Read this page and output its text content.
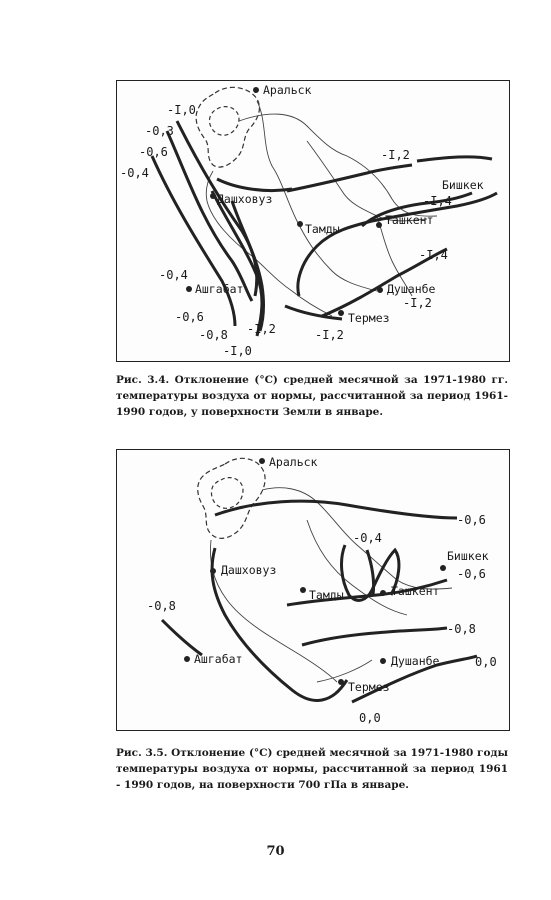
Аральск
Дашховуз
Тамды
Ташкент
Бишкек
Ашгабат	Душанбе
Термез
-I,0
-0,3
-0,6
-0,4
-0,4
-0,6
-0,8
-I,0
-I,2
-I,2
-I,4
-I,4
-I,2
-I,2
Рис. 3.4. Отклонение (°С) средней месячной за 1971-1980 гг. температуры воздуха от нормы, рассчитанной за период 1961-1990 годов, у поверхности Земли в январе.
Аральск
Дашховуз
Тамды	Ташкент
Бишкек
Ашгабат	Душанбе
Термез
-0,6
-0,4
-0,6
-0,8
-0,8
0,0
0,0
Рис. 3.5. Отклонение (°С) средней месячной за 1971-1980 годы температуры воздуха от нормы, рассчитанной за период 1961 - 1990 годов, на поверхности 700 гПа в январе.
70
